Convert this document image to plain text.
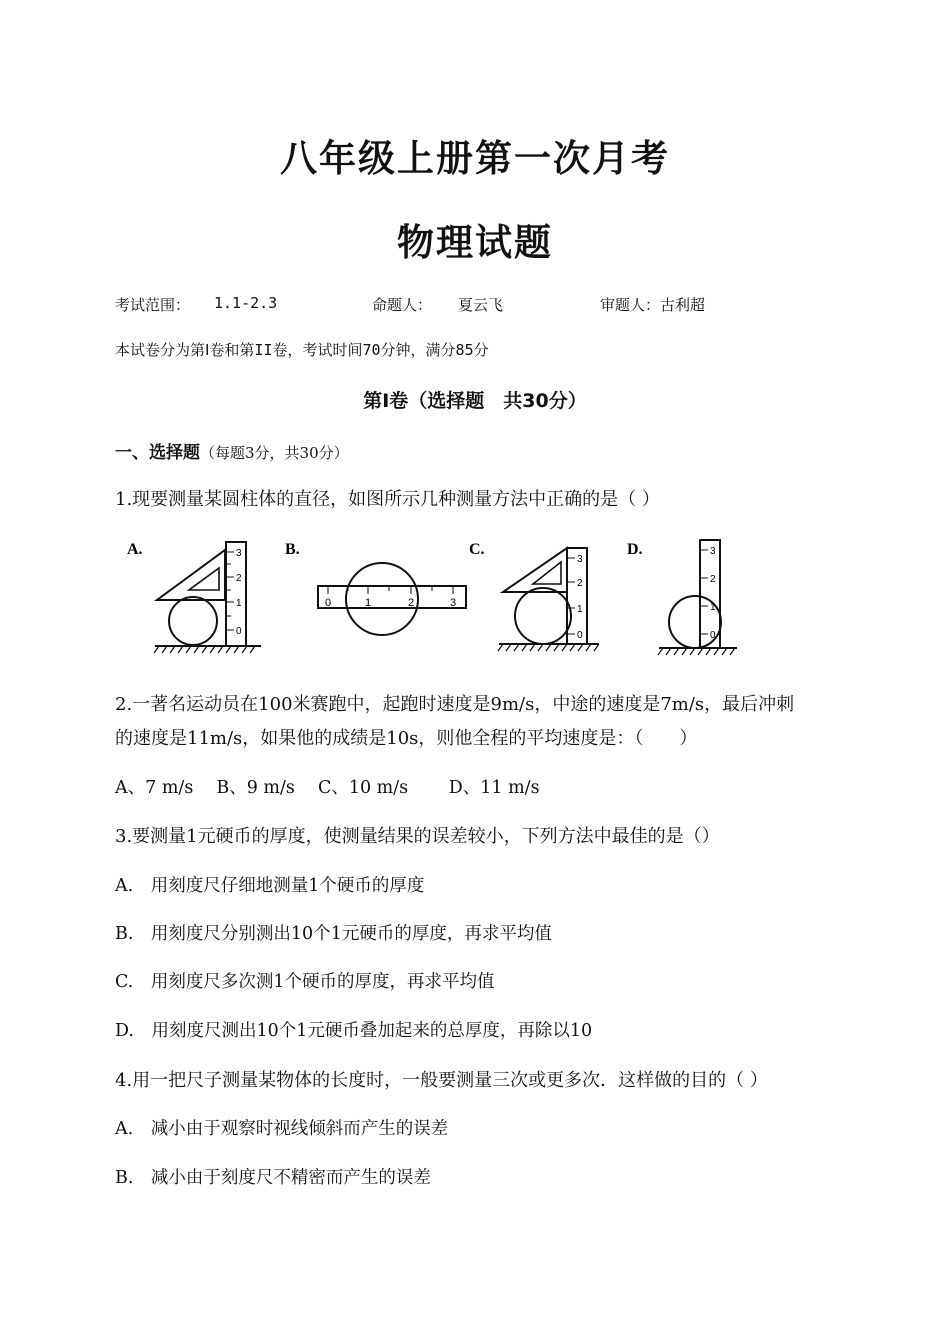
八年级上册第一次月考
物理试题
考试范围： 1.1-2.3	命题人： 夏云飞	审题人：古利超
本试卷分为第Ⅰ卷和第II卷，考试时间70分钟，满分85分
第Ⅰ卷（选择题　共30分）
一、选择题（每题3分，共30分）
1.现要测量某圆柱体的直径，如图所示几种测量方法中正确的是（ ）
A.	3
2
1
0
B.
0	1	2	3
C.
3
2
1
0
D.	3
2
1
0
2.一著名运动员在100米赛跑中，起跑时速度是9m/s，中途的速度是7m/s，最后冲刺
的速度是11m/s，如果他的成绩是10s，则他全程的平均速度是：（　　）
A、7 m/s　 B、9 m/s　 C、10 m/s　　 D、11 m/s
3.要测量1元硬币的厚度，使测量结果的误差较小，下列方法中最佳的是（）
A.　用刻度尺仔细地测量1个硬币的厚度
B.　用刻度尺分别测出10个1元硬币的厚度，再求平均值
C.　用刻度尺多次测1个硬币的厚度，再求平均值
D.　用刻度尺测出10个1元硬币叠加起来的总厚度，再除以10
4.用一把尺子测量某物体的长度时，一般要测量三次或更多次．这样做的目的（ ）
A.　减小由于观察时视线倾斜而产生的误差
B.　减小由于刻度尺不精密而产生的误差
